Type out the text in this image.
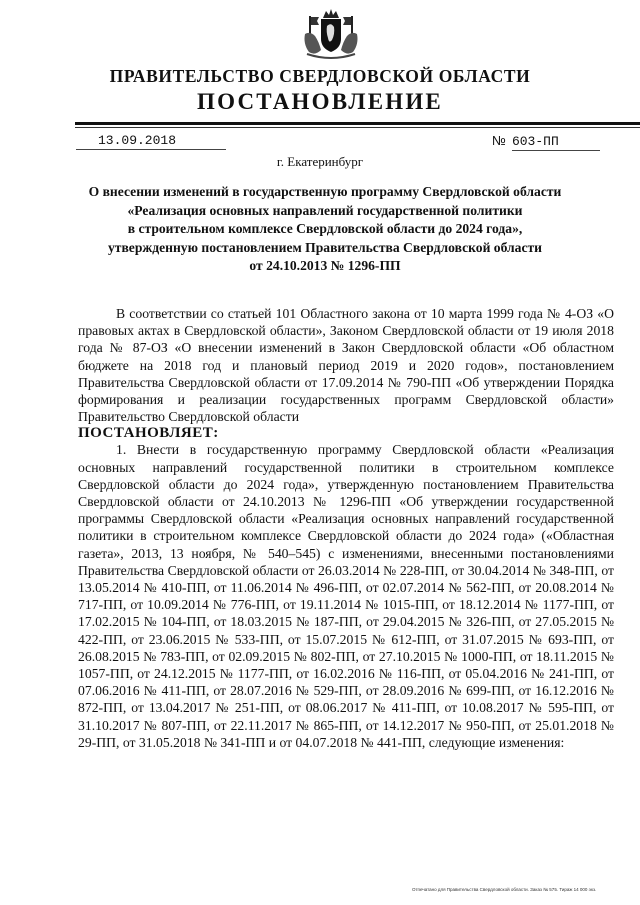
ПРАВИТЕЛЬСТВО СВЕРДЛОВСКОЙ ОБЛАСТИ
ПОСТАНОВЛЕНИЕ
13.09.2018	№ 603-ПП
г. Екатеринбург
О внесении изменений в государственную программу Свердловской области
«Реализация основных направлений государственной политики
в строительном комплексе Свердловской области до 2024 года»,
утвержденную постановлением Правительства Свердловской области
от 24.10.2013 № 1296-ПП

В соответствии со статьей 101 Областного закона от 10 марта 1999 года № 4-ОЗ «О правовых актах в Свердловской области», Законом Свердловской области от 19 июля 2018 года № 87-ОЗ «О внесении изменений в Закон Свердловской области «Об областном бюджете на 2018 год и плановый период 2019 и 2020 годов», постановлением Правительства Свердловской области от 17.09.2014 № 790-ПП «Об утверждении Порядка формирования и реализации государственных программ Свердловской области» Правительство Свердловской области

ПОСТАНОВЛЯЕТ:

1. Внести в государственную программу Свердловской области «Реализация основных направлений государственной политики в строительном комплексе Свердловской области до 2024 года», утвержденную постановлением Правительства Свердловской области от 24.10.2013 № 1296-ПП «Об утверждении государственной программы Свердловской области «Реализация основных направлений государственной политики в строительном комплексе Свердловской области до 2024 года» («Областная газета», 2013, 13 ноября, № 540–545) с изменениями, внесенными постановлениями Правительства Свердловской области от 26.03.2014 № 228-ПП, от 30.04.2014 № 348-ПП, от 13.05.2014 № 410-ПП, от 11.06.2014 № 496-ПП, от 02.07.2014 № 562-ПП, от 20.08.2014 № 717-ПП, от 10.09.2014 № 776-ПП, от 19.11.2014 № 1015-ПП, от 18.12.2014 № 1177-ПП, от 17.02.2015 № 104-ПП, от 18.03.2015 № 187-ПП, от 29.04.2015 № 326-ПП, от 27.05.2015 № 422-ПП, от 23.06.2015 № 533-ПП, от 15.07.2015 № 612-ПП, от 31.07.2015 № 693-ПП, от 26.08.2015 № 783-ПП, от 02.09.2015 № 802-ПП, от 27.10.2015 № 1000-ПП, от 18.11.2015 № 1057-ПП, от 24.12.2015 № 1177-ПП, от 16.02.2016 № 116-ПП, от 05.04.2016 № 241-ПП, от 07.06.2016 № 411-ПП, от 28.07.2016 № 529-ПП, от 28.09.2016 № 699-ПП, от 16.12.2016 № 872-ПП, от 13.04.2017 № 251-ПП, от 08.06.2017 № 411-ПП, от 10.08.2017 № 595-ПП, от 31.10.2017 № 807-ПП, от 22.11.2017 № 865-ПП, от 14.12.2017 № 950-ПП, от 25.01.2018 № 29-ПП, от 31.05.2018 № 341-ПП и от 04.07.2018 № 441-ПП, следующие изменения:

Отпечатано для Правительства Свердловской области. Заказ № 575. Тираж 14 000 экз.
